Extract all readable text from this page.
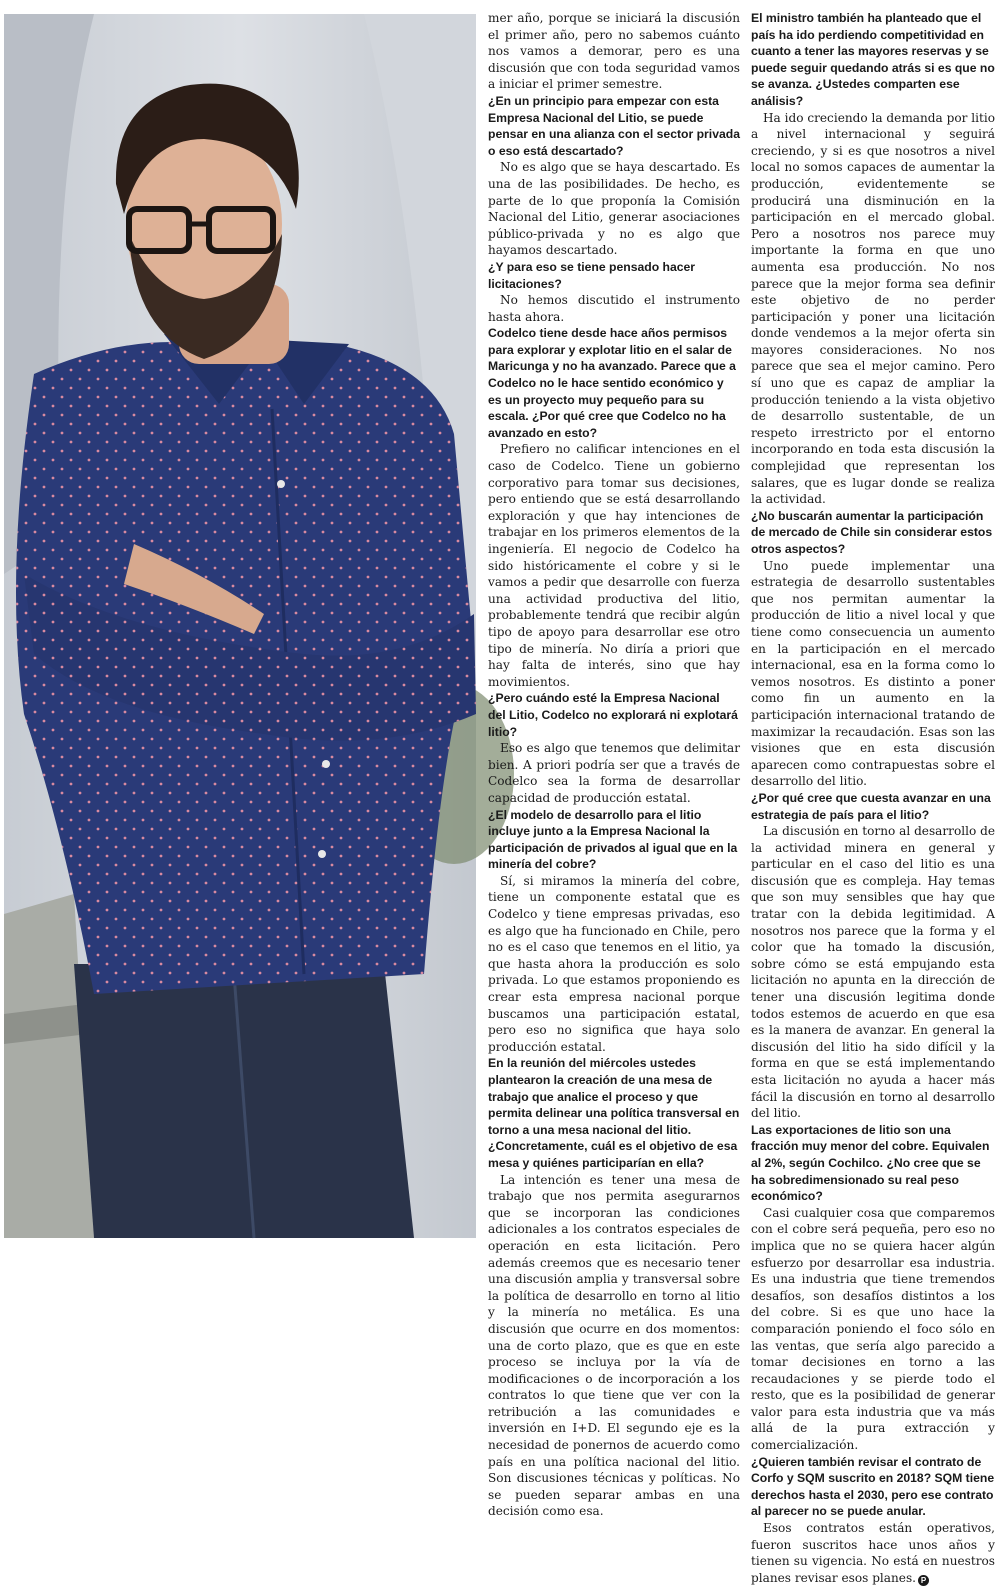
mer año, porque se iniciará la discusión el primer año, pero no sabemos cuánto nos vamos a demorar, pero es una discusión que con toda seguridad vamos a iniciar el primer semestre.

¿En un principio para empezar con esta Empresa Nacional del Litio, se puede pensar en una alianza con el sector privada o eso está descartado?

No es algo que se haya descartado. Es una de las posibilidades. De hecho, es parte de lo que proponía la Comisión Nacional del Litio, generar asociaciones público-privada y no es algo que hayamos descartado.

¿Y para eso se tiene pensado hacer licitaciones?

No hemos discutido el instrumento hasta ahora.

Codelco tiene desde hace años permisos para explorar y explotar litio en el salar de Maricunga y no ha avanzado. Parece que a Codelco no le hace sentido económico y es un proyecto muy pequeño para su escala. ¿Por qué cree que Codelco no ha avanzado en esto?

Prefiero no calificar intenciones en el caso de Codelco. Tiene un gobierno corporativo para tomar sus decisiones, pero entiendo que se está desarrollando exploración y que hay intenciones de trabajar en los primeros elementos de la ingeniería. El negocio de Codelco ha sido históricamente el cobre y si le vamos a pedir que desarrolle con fuerza una actividad productiva del litio, probablemente tendrá que recibir algún tipo de apoyo para desarrollar ese otro tipo de minería. No diría a priori que hay falta de interés, sino que hay movimientos.

¿Pero cuándo esté la Empresa Nacional del Litio, Codelco no explorará ni explotará litio?

Eso es algo que tenemos que delimitar bien. A priori podría ser que a través de Codelco sea la forma de desarrollar capacidad de producción estatal.

¿El modelo de desarrollo para el litio incluye junto a la Empresa Nacional la participación de privados al igual que en la minería del cobre?

Sí, si miramos la minería del cobre, tiene un componente estatal que es Codelco y tiene empresas privadas, eso es algo que ha funcionado en Chile, pero no es el caso que tenemos en el litio, ya que hasta ahora la producción es solo privada. Lo que estamos proponiendo es crear esta empresa nacional porque buscamos una participación estatal, pero eso no significa que haya solo producción estatal.

En la reunión del miércoles ustedes plantearon la creación de una mesa de trabajo que analice el proceso y que permita delinear una política transversal en torno a una mesa nacional del litio. ¿Concretamente, cuál es el objetivo de esa mesa y quiénes participarían en ella?

La intención es tener una mesa de trabajo que nos permita asegurarnos que se incorporan las condiciones adicionales a los contratos especiales de operación en esta licitación. Pero además creemos que es necesario tener una discusión amplia y transversal sobre la política de desarrollo en torno al litio y la minería no metálica. Es una discusión que ocurre en dos momentos: una de corto plazo, que es que en este proceso se incluya por la vía de modificaciones o de incorporación a los contratos lo que tiene que ver con la retribución a las comunidades e inversión en I+D. El segundo eje es la necesidad de ponernos de acuerdo como país en una política nacional del litio. Son discusiones técnicas y políticas. No se pueden separar ambas en una decisión como esa.

El ministro también ha planteado que el país ha ido perdiendo competitividad en cuanto a tener las mayores reservas y se puede seguir quedando atrás si es que no se avanza. ¿Ustedes comparten ese análisis?

Ha ido creciendo la demanda por litio a nivel internacional y seguirá creciendo, y si es que nosotros a nivel local no somos capaces de aumentar la producción, evidentemente se producirá una disminución en la participación en el mercado global. Pero a nosotros nos parece muy importante la forma en que uno aumenta esa producción. No nos parece que la mejor forma sea definir este objetivo de no perder participación y poner una licitación donde vendemos a la mejor oferta sin mayores consideraciones. No nos parece que sea el mejor camino. Pero sí uno que es capaz de ampliar la producción teniendo a la vista objetivo de desarrollo sustentable, de un respeto irrestricto por el entorno incorporando en toda esta discusión la complejidad que representan los salares, que es lugar donde se realiza la actividad.

¿No buscarán aumentar la participación de mercado de Chile sin considerar estos otros aspectos?

Uno puede implementar una estrategia de desarrollo sustentables que nos permitan aumentar la producción de litio a nivel local y que tiene como consecuencia un aumento en la participación en el mercado internacional, esa en la forma como lo vemos nosotros. Es distinto a poner como fin un aumento en la participación internacional tratando de maximizar la recaudación. Esas son las visiones que en esta discusión aparecen como contrapuestas sobre el desarrollo del litio.

¿Por qué cree que cuesta avanzar en una estrategia de país para el litio?

La discusión en torno al desarrollo de la actividad minera en general y particular en el caso del litio es una discusión que es compleja. Hay temas que son muy sensibles que hay que tratar con la debida legitimidad. A nosotros nos parece que la forma y el color que ha tomado la discusión, sobre cómo se está empujando esta licitación no apunta en la dirección de tener una discusión legitima donde todos estemos de acuerdo en que esa es la manera de avanzar. En general la discusión del litio ha sido difícil y la forma en que se está implementando esta licitación no ayuda a hacer más fácil la discusión en torno al desarrollo del litio.

Las exportaciones de litio son una fracción muy menor del cobre. Equivalen al 2%, según Cochilco. ¿No cree que se ha sobredimensionado su real peso económico?

Casi cualquier cosa que comparemos con el cobre será pequeña, pero eso no implica que no se quiera hacer algún esfuerzo por desarrollar esa industria. Es una industria que tiene tremendos desafíos, son desafíos distintos a los del cobre. Si es que uno hace la comparación poniendo el foco sólo en las ventas, que sería algo parecido a tomar decisiones en torno a las recaudaciones y se pierde todo el resto, que es la posibilidad de generar valor para esta industria que va más allá de la pura extracción y comercialización.

¿Quieren también revisar el contrato de Corfo y SQM suscrito en 2018? SQM tiene derechos hasta el 2030, pero ese contrato al parecer no se puede anular.

Esos contratos están operativos, fueron suscritos hace unos años y tienen su vigencia. No está en nuestros planes revisar esos planes. P
